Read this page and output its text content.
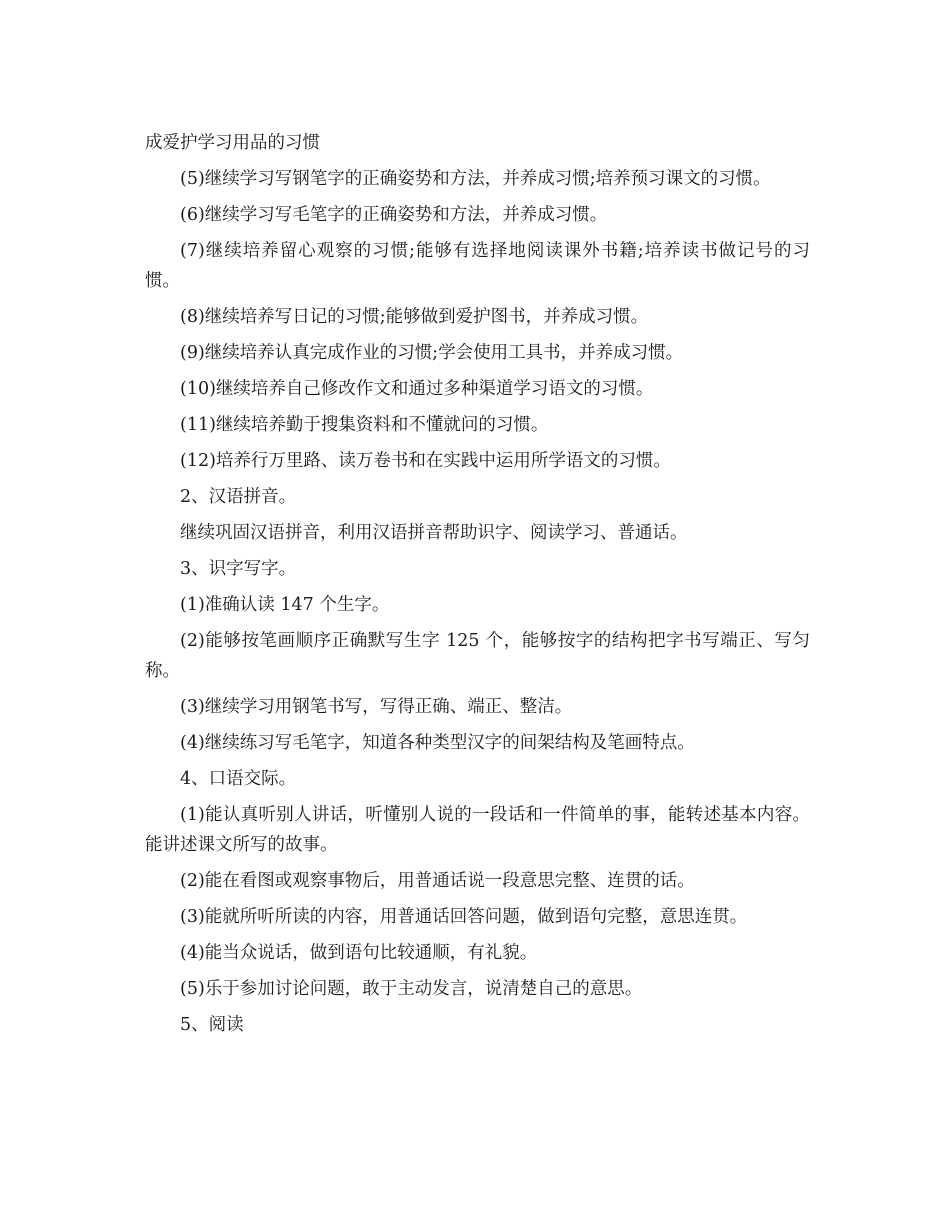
成爱护学习用品的习惯

(5)继续学习写钢笔字的正确姿势和方法，并养成习惯;培养预习课文的习惯。

(6)继续学习写毛笔字的正确姿势和方法，并养成习惯。

(7)继续培养留心观察的习惯;能够有选择地阅读课外书籍;培养读书做记号的习惯。

(8)继续培养写日记的习惯;能够做到爱护图书，并养成习惯。

(9)继续培养认真完成作业的习惯;学会使用工具书，并养成习惯。

(10)继续培养自己修改作文和通过多种渠道学习语文的习惯。

(11)继续培养勤于搜集资料和不懂就问的习惯。

(12)培养行万里路、读万卷书和在实践中运用所学语文的习惯。

2、汉语拼音。

继续巩固汉语拼音，利用汉语拼音帮助识字、阅读学习、普通话。

3、识字写字。

(1)准确认读 147 个生字。

(2)能够按笔画顺序正确默写生字 125 个，能够按字的结构把字书写端正、写匀称。

(3)继续学习用钢笔书写，写得正确、端正、整洁。

(4)继续练习写毛笔字，知道各种类型汉字的间架结构及笔画特点。

4、口语交际。

(1)能认真听别人讲话，听懂别人说的一段话和一件简单的事，能转述基本内容。能讲述课文所写的故事。

(2)能在看图或观察事物后，用普通话说一段意思完整、连贯的话。

(3)能就所听所读的内容，用普通话回答问题，做到语句完整，意思连贯。

(4)能当众说话，做到语句比较通顺，有礼貌。

(5)乐于参加讨论问题，敢于主动发言，说清楚自己的意思。

5、阅读
